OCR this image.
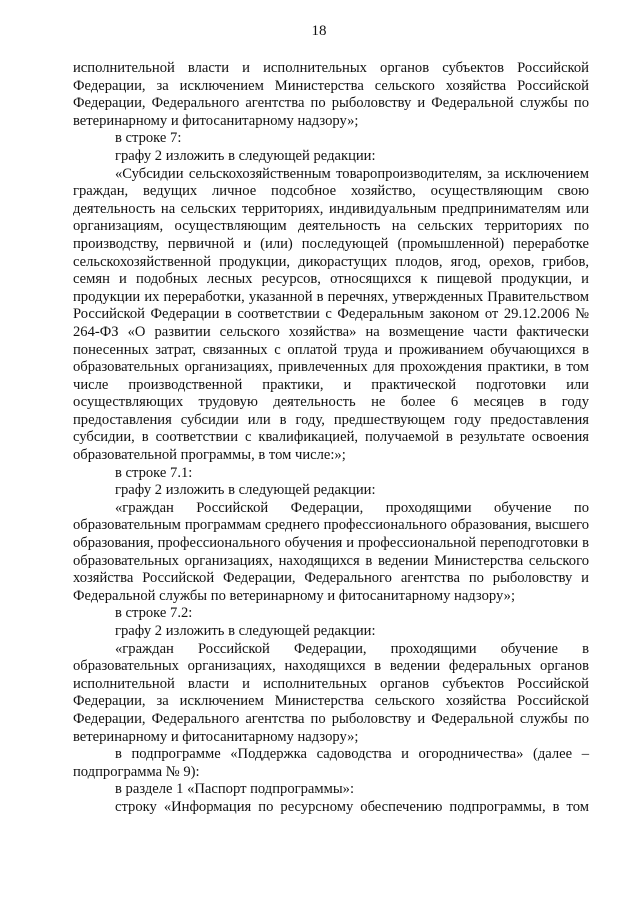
18

исполнительной власти и исполнительных органов субъектов Российской Федерации, за исключением Министерства сельского хозяйства Российской Федерации, Федерального агентства по рыболовству и Федеральной службы по ветеринарному и фитосанитарному надзору»;

в строке 7:

графу 2 изложить в следующей редакции:

«Субсидии сельскохозяйственным товаропроизводителям, за исключением граждан, ведущих личное подсобное хозяйство, осуществляющим свою деятельность на сельских территориях, индивидуальным предпринимателям или организациям, осуществляющим деятельность на сельских территориях по производству, первичной и (или) последующей (промышленной) переработке сельскохозяйственной продукции, дикорастущих плодов, ягод, орехов, грибов, семян и подобных лесных ресурсов, относящихся к пищевой продукции, и продукции их переработки, указанной в перечнях, утвержденных Правительством Российской Федерации в соответствии с Федеральным законом от 29.12.2006 № 264-ФЗ «О развитии сельского хозяйства» на возмещение части фактически понесенных затрат, связанных с оплатой труда и проживанием обучающихся в образовательных организациях, привлеченных для прохождения практики, в том числе производственной практики, и практической подготовки или осуществляющих трудовую деятельность не более 6 месяцев в году предоставления субсидии или в году, предшествующем году предоставления субсидии, в соответствии с квалификацией, получаемой в результате освоения образовательной программы, в том числе:»;

в строке 7.1:

графу 2 изложить в следующей редакции:

«граждан Российской Федерации, проходящими обучение по образовательным программам среднего профессионального образования, высшего образования, профессионального обучения и профессиональной переподготовки в образовательных организациях, находящихся в ведении Министерства сельского хозяйства Российской Федерации, Федерального агентства по рыболовству и Федеральной службы по ветеринарному и фитосанитарному надзору»;

в строке 7.2:

графу 2 изложить в следующей редакции:

«граждан Российской Федерации, проходящими обучение в образовательных организациях, находящихся в ведении федеральных органов исполнительной власти и исполнительных органов субъектов Российской Федерации, за исключением Министерства сельского хозяйства Российской Федерации, Федерального агентства по рыболовству и Федеральной службы по ветеринарному и фитосанитарному надзору»;

в подпрограмме «Поддержка садоводства и огородничества» (далее – подпрограмма № 9):

в разделе 1 «Паспорт подпрограммы»:

строку «Информация по ресурсному обеспечению подпрограммы, в том
